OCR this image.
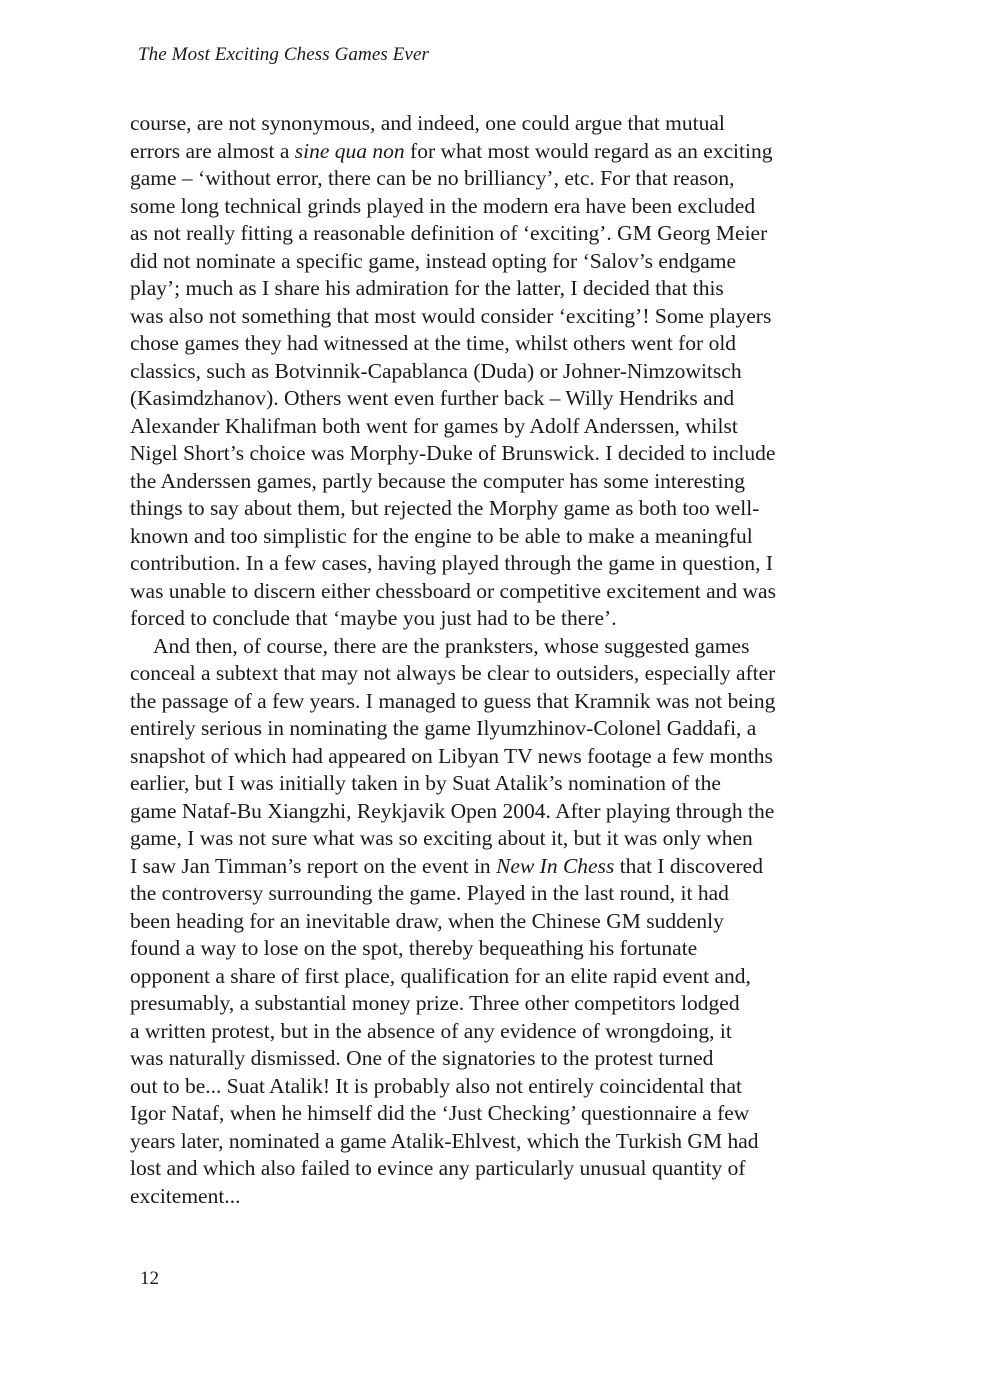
The Most Exciting Chess Games Ever
course, are not synonymous, and indeed, one could argue that mutual
errors are almost a sine qua non for what most would regard as an exciting
game – ‘without error, there can be no brilliancy’, etc. For that reason,
some long technical grinds played in the modern era have been excluded
as not really fitting a reasonable definition of ‘exciting’. GM Georg Meier
did not nominate a specific game, instead opting for ‘Salov’s endgame
play’; much as I share his admiration for the latter, I decided that this
was also not something that most would consider ‘exciting’! Some players
chose games they had witnessed at the time, whilst others went for old
classics, such as Botvinnik-Capablanca (Duda) or Johner-Nimzowitsch
(Kasimdzhanov). Others went even further back – Willy Hendriks and
Alexander Khalifman both went for games by Adolf Anderssen, whilst
Nigel Short’s choice was Morphy-Duke of Brunswick. I decided to include
the Anderssen games, partly because the computer has some interesting
things to say about them, but rejected the Morphy game as both too well-
known and too simplistic for the engine to be able to make a meaningful
contribution. In a few cases, having played through the game in question, I
was unable to discern either chessboard or competitive excitement and was
forced to conclude that ‘maybe you just had to be there’.
And then, of course, there are the pranksters, whose suggested games
conceal a subtext that may not always be clear to outsiders, especially after
the passage of a few years. I managed to guess that Kramnik was not being
entirely serious in nominating the game Ilyumzhinov-Colonel Gaddafi, a
snapshot of which had appeared on Libyan TV news footage a few months
earlier, but I was initially taken in by Suat Atalik’s nomination of the
game Nataf-Bu Xiangzhi, Reykjavik Open 2004. After playing through the
game, I was not sure what was so exciting about it, but it was only when
I saw Jan Timman’s report on the event in New In Chess that I discovered
the controversy surrounding the game. Played in the last round, it had
been heading for an inevitable draw, when the Chinese GM suddenly
found a way to lose on the spot, thereby bequeathing his fortunate
opponent a share of first place, qualification for an elite rapid event and,
presumably, a substantial money prize. Three other competitors lodged
a written protest, but in the absence of any evidence of wrongdoing, it
was naturally dismissed. One of the signatories to the protest turned
out to be... Suat Atalik! It is probably also not entirely coincidental that
Igor Nataf, when he himself did the ‘Just Checking’ questionnaire a few
years later, nominated a game Atalik-Ehlvest, which the Turkish GM had
lost and which also failed to evince any particularly unusual quantity of
excitement...
12
